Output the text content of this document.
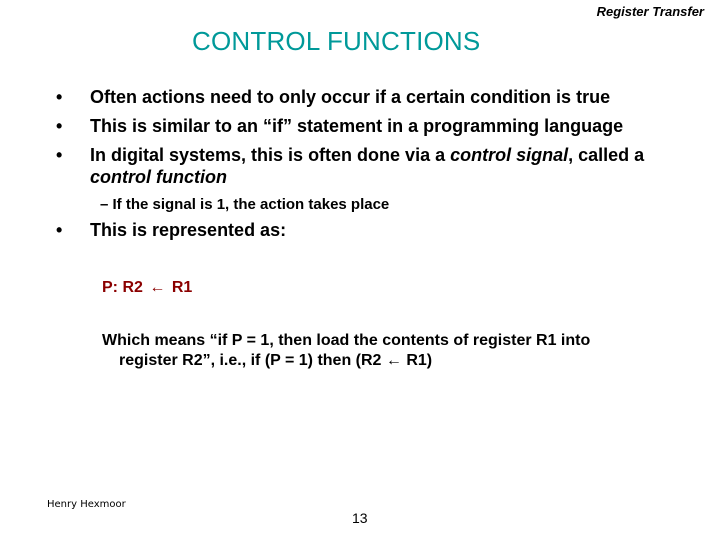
Register Transfer
CONTROL FUNCTIONS
•	Often actions need to only occur if a certain condition is true
•	This is similar to an “if” statement in a programming language
•	In digital systems, this is often done via a control signal, called a control function
– If the signal is 1, the action takes place
•	This is represented as:
P: R2 ← R1
Which means “if P = 1, then load the contents of register R1 into
register R2”, i.e., if (P = 1) then (R2 ← R1)
Henry Hexmoor
13
